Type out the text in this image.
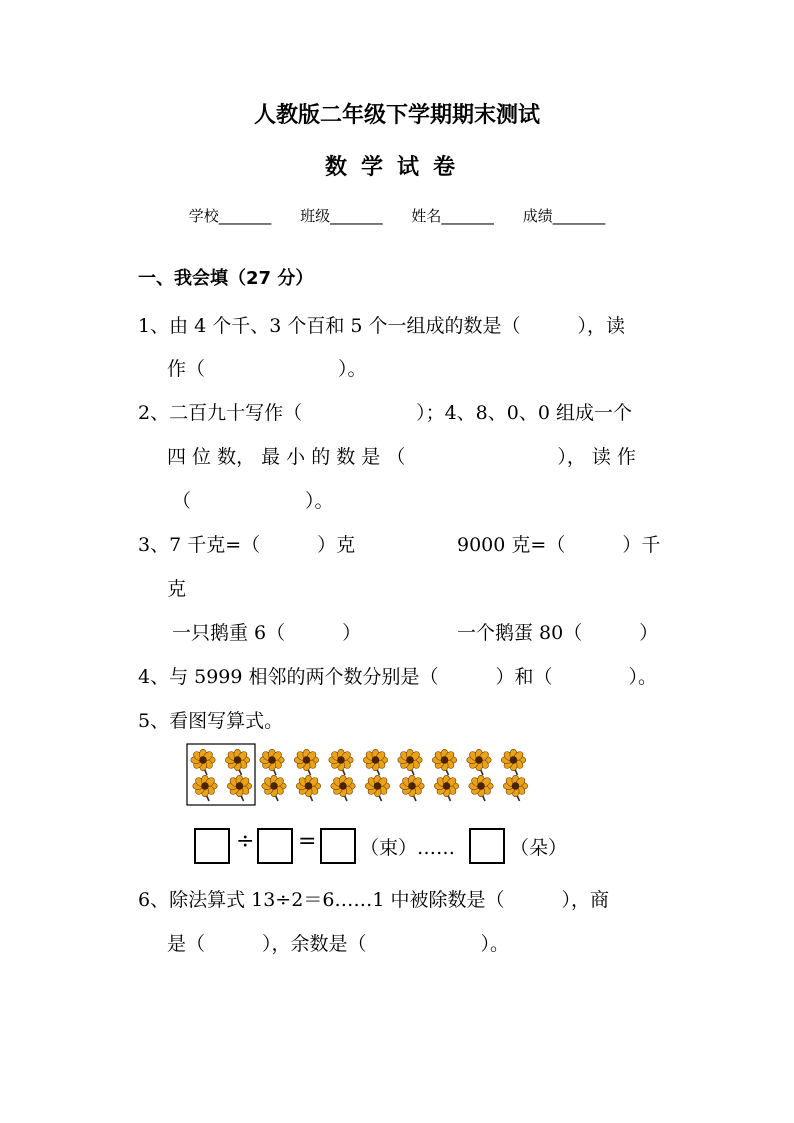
人教版二年级下学期期末测试
数学试卷
学校_______ 班级_______ 姓名_______ 成绩_______
一、我会填（27 分）
1、由 4 个千、3 个百和 5 个一组成的数是（　　　），读
作（　　　　　　　）。
2、二百九十写作（　　　　　　）；4、8、0、0 组成一个
四 位 数， 最 小 的 数 是 （　　　　　　　　）， 读 作
（　　　　　　）。
3、7 千克=（　　　）克	9000 克=（　　　）千
克
一只鹅重 6（　　　）	一个鹅蛋 80（　　　）
4、与 5999 相邻的两个数分别是（　　　）和（　　　　）。
5、看图写算式。
÷ = （束）……	（朵）
6、除法算式 13÷2＝6……1 中被除数是（　　　），商
是（　　　），余数是（　　　　　　）。
